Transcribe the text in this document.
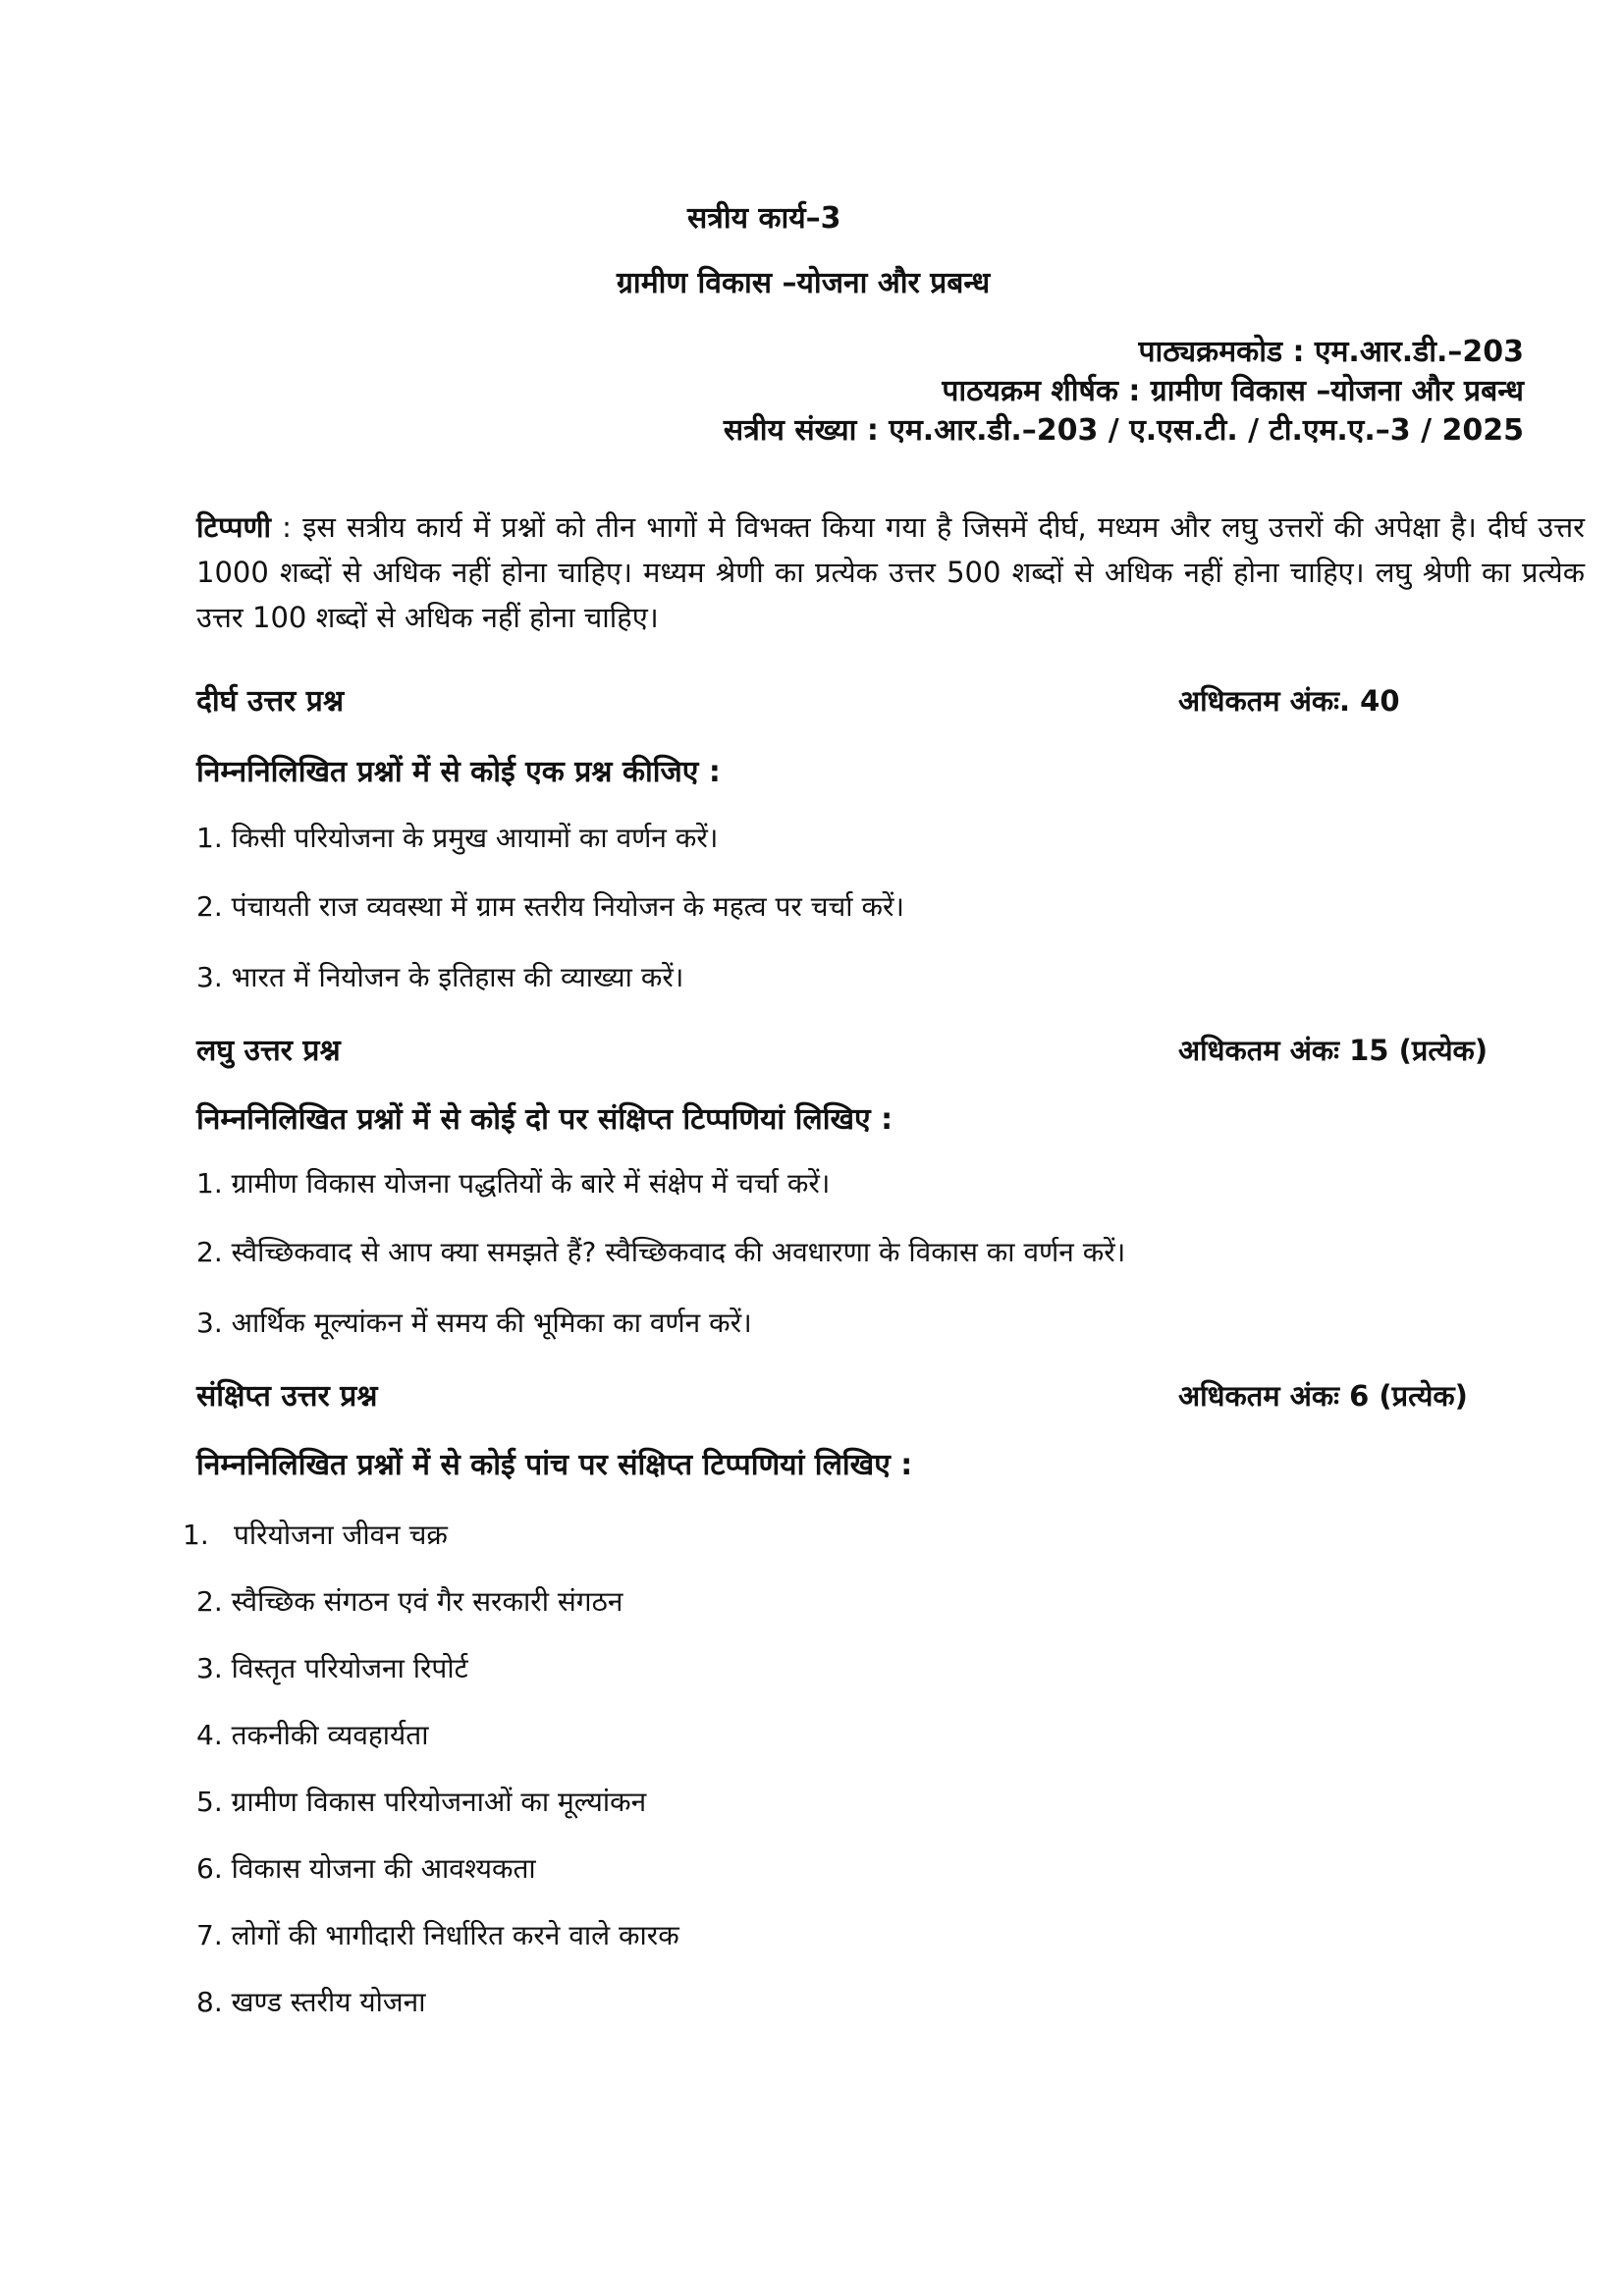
सत्रीय कार्य–3
ग्रामीण विकास –योजना और प्रबन्ध
पाठ्यक्रमकोड : एम.आर.डी.–203
पाठयक्रम शीर्षक : ग्रामीण विकास –योजना और प्रबन्ध
सत्रीय संख्या : एम.आर.डी.–203 / ए.एस.टी. / टी.एम.ए.–3 / 2025
टिप्पणी : इस सत्रीय कार्य में प्रश्नों को तीन भागों मे विभक्त किया गया है जिसमें दीर्घ, मध्यम और लघु उत्तरों की अपेक्षा है। दीर्घ उत्तर 1000 शब्दों से अधिक नहीं होना चाहिए। मध्यम श्रेणी का प्रत्येक उत्तर 500 शब्दों से अधिक नहीं होना चाहिए। लघु श्रेणी का प्रत्येक उत्तर 100 शब्दों से अधिक नहीं होना चाहिए।
दीर्घ उत्तर प्रश्न	अधिकतम अंकः. 40
निम्ननिलिखित प्रश्नों में से कोई एक प्रश्न कीजिए :
1. किसी परियोजना के प्रमुख आयामों का वर्णन करें।
2. पंचायती राज व्यवस्था में ग्राम स्तरीय नियोजन के महत्व पर चर्चा करें।
3. भारत में नियोजन के इतिहास की व्याख्या करें।
लघु उत्तर प्रश्न	अधिकतम अंकः 15 (प्रत्येक)
निम्ननिलिखित प्रश्नों में से कोई दो पर संक्षिप्त टिप्पणियां लिखिए :
1. ग्रामीण विकास योजना पद्धतियों के बारे में संक्षेप में चर्चा करें।
2. स्वैच्छिकवाद से आप क्या समझते हैं? स्वैच्छिकवाद की अवधारणा के विकास का वर्णन करें।
3. आर्थिक मूल्यांकन में समय की भूमिका का वर्णन करें।
संक्षिप्त उत्तर प्रश्न	अधिकतम अंकः 6 (प्रत्येक)
निम्ननिलिखित प्रश्नों में से कोई पांच पर संक्षिप्त टिप्पणियां लिखिए :
1. परियोजना जीवन चक्र
2. स्वैच्छिक संगठन एवं गैर सरकारी संगठन
3. विस्तृत परियोजना रिपोर्ट
4. तकनीकी व्यवहार्यता
5. ग्रामीण विकास परियोजनाओं का मूल्यांकन
6. विकास योजना की आवश्यकता
7. लोगों की भागीदारी निर्धारित करने वाले कारक
8. खण्ड स्तरीय योजना
